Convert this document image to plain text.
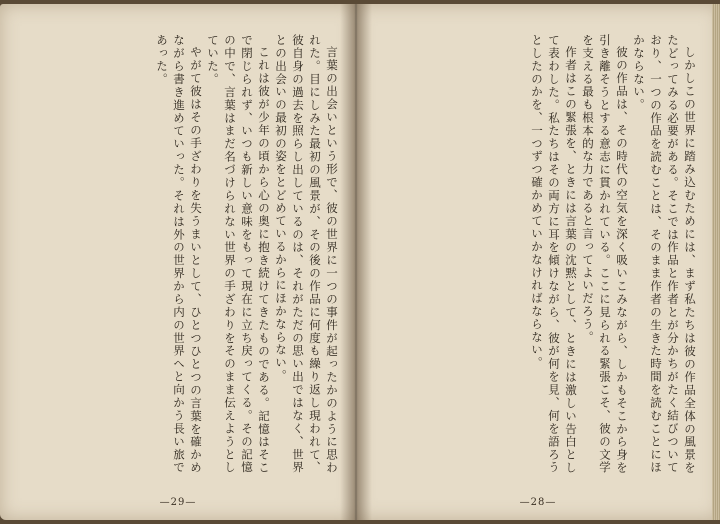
言葉の出会いという形で、彼の世界に一つの事件が起ったかのように思われた。目にしみた最初の風景が、その後の作品に何度も繰り返し現われて、彼自身の過去を照らし出しているのは、それがただの思い出ではなく、世界との出会いの最初の姿をとどめているからにほかならない。

これは彼が少年の頃から心の奥に抱き続けてきたものである。記憶はそこで閉じられず、いつも新しい意味をもって現在に立ち戻ってくる。その記憶の中で、言葉はまだ名づけられない世界の手ざわりをそのまま伝えようとしていた。

やがて彼はその手ざわりを失うまいとして、ひとつひとつの言葉を確かめながら書き進めていった。それは外の世界から内の世界へと向かう長い旅であった。

—29—

しかしこの世界に踏み込むためには、まず私たちは彼の作品全体の風景をたどってみる必要がある。そこでは作品と作者とが分かちがたく結びついており、一つの作品を読むことは、そのまま作者の生きた時間を読むことにほかならない。

彼の作品は、その時代の空気を深く吸いこみながら、しかもそこから身を引き離そうとする意志に貫かれている。ここに見られる緊張こそ、彼の文学を支える最も根本的な力であると言ってよいだろう。

作者はこの緊張を、ときには言葉の沈黙として、ときには激しい告白として表わした。私たちはその両方に耳を傾けながら、彼が何を見、何を語ろうとしたのかを、一つずつ確かめていかなければならない。

—28—
